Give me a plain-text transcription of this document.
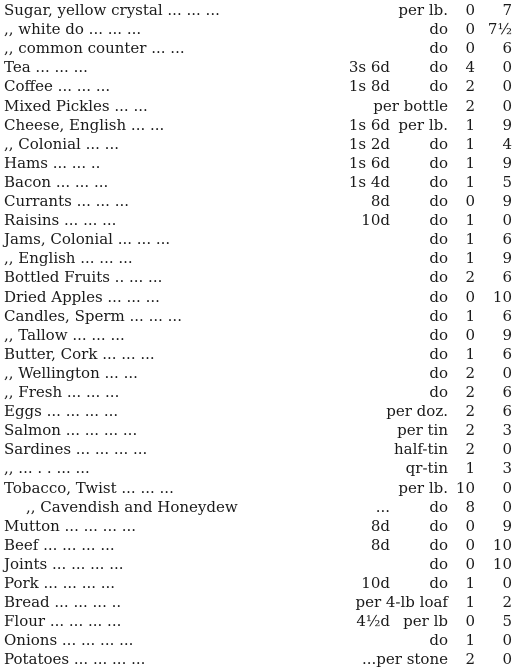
Sugar, yellow crystal ... ... ...	per lb. 0 7
,, white do ... ... ...	do 0 7½
,, common counter ... ...	do 0 6
Tea ... ... ...	3s 6d	do 4 0
Coffee ... ... ...	1s 8d	do 2 0
Mixed Pickles ... ...	per bottle 2 0
Cheese, English ... ...	1s 6d per lb. 1 9
,, Colonial ... ...	1s 2d	do 1 4
Hams ... ... ..	1s 6d	do 1 9
Bacon ... ... ...	1s 4d	do 1 5
Currants ... ... ...	8d	do 0 9
Raisins ... ... ...	10d	do 1 0
Jams, Colonial ... ... ...	do 1 6
,, English ... ... ...	do 1 9
Bottled Fruits .. ... ...	do 2 6
Dried Apples ... ... ...	do 0 10
Candles, Sperm ... ... ...	do 1 6
,, Tallow ... ... ...	do 0 9
Butter, Cork ... ... ...	do 1 6
,, Wellington ... ...	do 2 0
,, Fresh ... ... ...	do 2 6
Eggs ... ... ... ...	per doz. 2 6
Salmon ... ... ... ...	per tin 2 3
Sardines ... ... ... ...	half-tin 2 0
,, ... . . ... ...	qr-tin 1 3
Tobacco, Twist ... ... ...	per lb. 10 0
,, Cavendish and Honeydew	...	do 8 0
Mutton ... ... ... ...	8d	do 0 9
Beef ... ... ... ...	8d	do 0 10
Joints ... ... ... ...	do 0 10
Pork ... ... ... ...	10d	do 1 0
Bread ... ... ... ..	per 4-lb loaf 1 2
Flour ... ... ... ...	4½d per lb 0 5
Onions ... ... ... ...	do 1 0
Potatoes ... ... ... ...	...per stone 2 0
